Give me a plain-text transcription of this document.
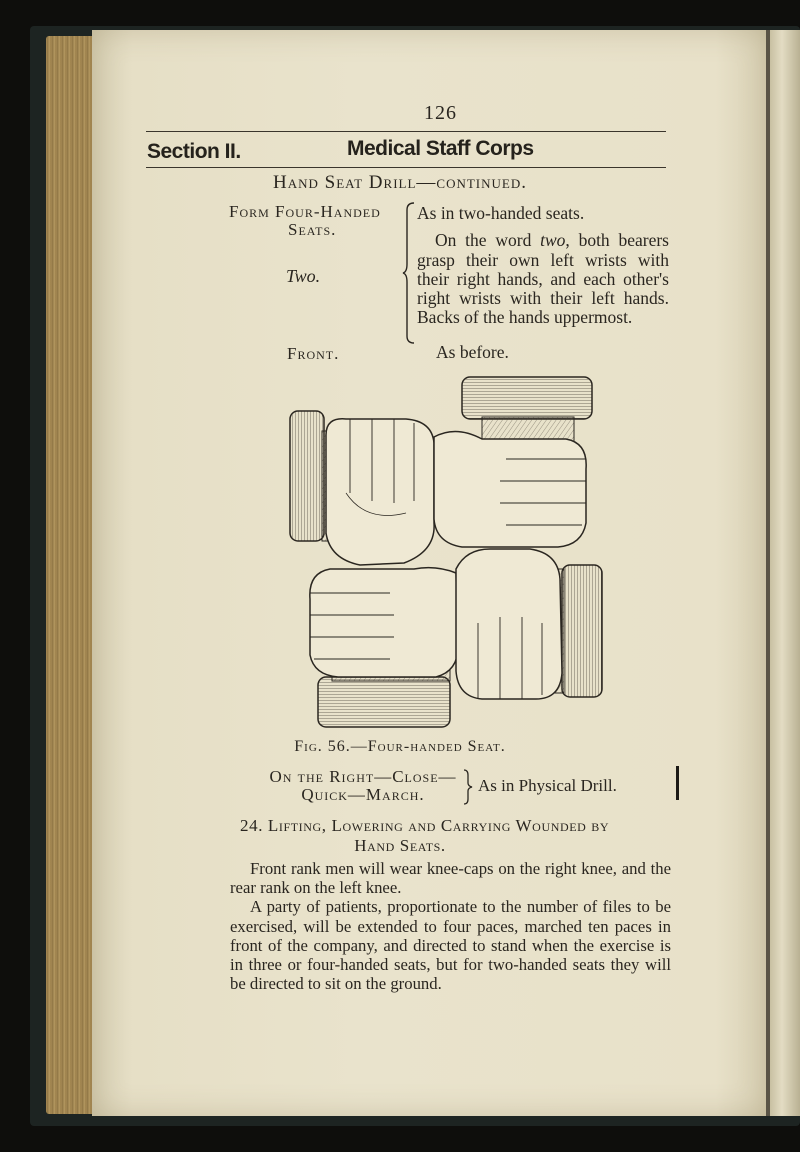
126
Section II.	Medical Staff Corps
Hand Seat Drill—continued.
Form Four-Handed
Seats.
Two.
Front.

As in two-handed seats.

On the word two, both bearers grasp their own left wrists with their right hands, and each other's right wrists with their left hands. Backs of the hands uppermost.

As before.
Fig. 56.—Four-handed Seat.
On the Right—Close—
Quick—March.	As in Physical Drill.
24. Lifting, Lowering and Carrying Wounded by
Hand Seats.

Front rank men will wear knee-caps on the right knee, and the rear rank on the left knee.

A party of patients, proportionate to the number of files to be exercised, will be extended to four paces, marched ten paces in front of the company, and directed to stand when the exercise is in three or four-handed seats, but for two-handed seats they will be directed to sit on the ground.
